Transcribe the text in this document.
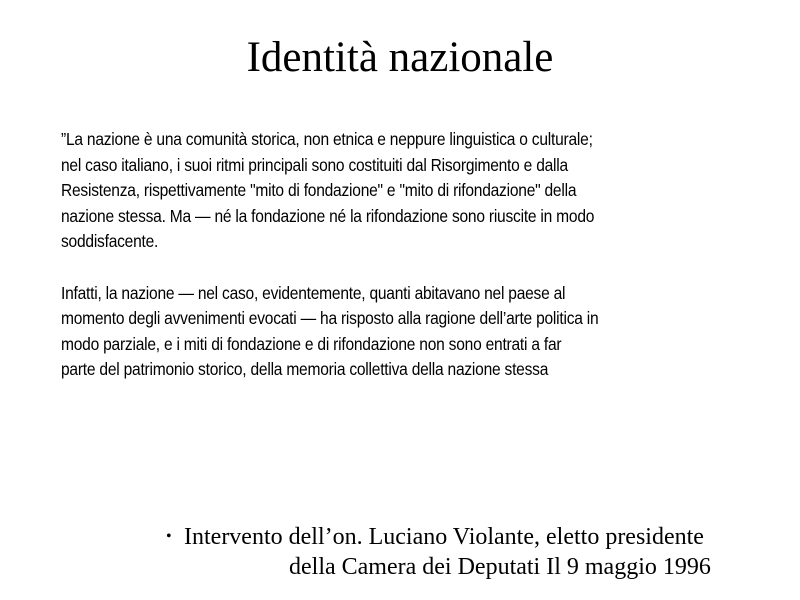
Identità nazionale

”La nazione è una comunità storica, non etnica e neppure linguistica o culturale;
nel caso italiano, i suoi ritmi principali sono costituiti dal Risorgimento e dalla
Resistenza, rispettivamente "mito di fondazione" e "mito di rifondazione" della
nazione stessa. Ma — né la fondazione né la rifondazione sono riuscite in modo
soddisfacente.

Infatti, la nazione — nel caso, evidentemente, quanti abitavano nel paese al
momento degli avvenimenti evocati — ha risposto alla ragione dell’arte politica in
modo parziale, e i miti di fondazione e di rifondazione non sono entrati a far
parte del patrimonio storico, della memoria collettiva della nazione stessa

• Intervento dell’on. Luciano Violante, eletto presidente
della Camera dei Deputati Il 9 maggio 1996
